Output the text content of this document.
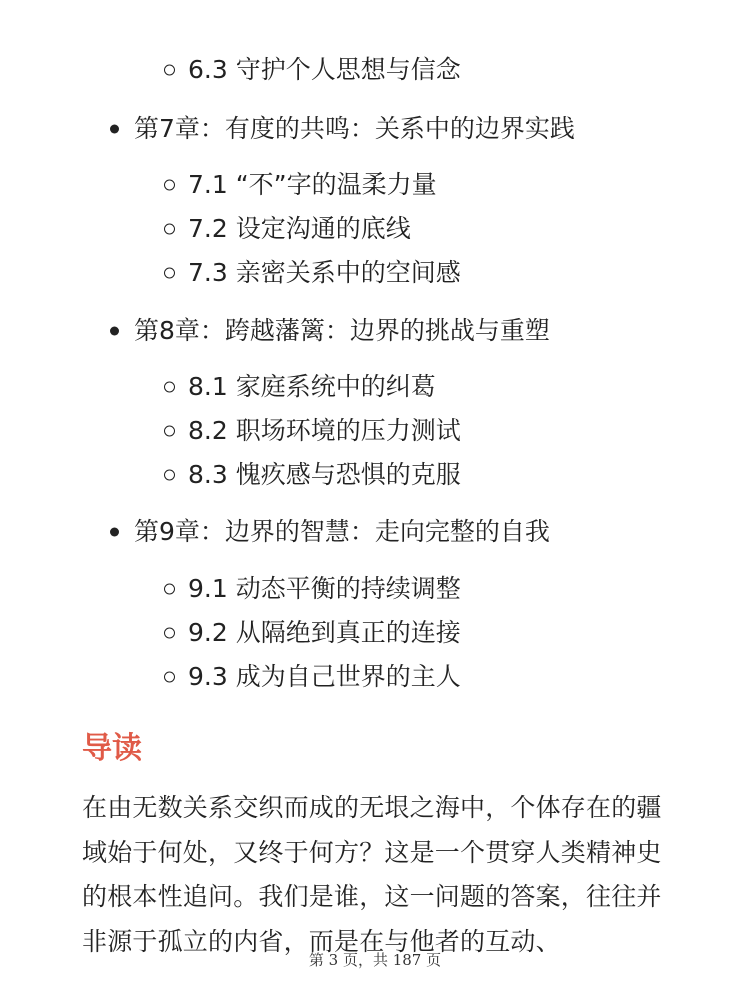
6.3 守护个人思想与信念
第7章：有度的共鸣：关系中的边界实践
7.1 “不”字的温柔力量
7.2 设定沟通的底线
7.3 亲密关系中的空间感
第8章：跨越藩篱：边界的挑战与重塑
8.1 家庭系统中的纠葛
8.2 职场环境的压力测试
8.3 愧疚感与恐惧的克服
第9章：边界的智慧：走向完整的自我
9.1 动态平衡的持续调整
9.2 从隔绝到真正的连接
9.3 成为自己世界的主人
导读

在由无数关系交织而成的无垠之海中，个体存在的疆域始于何处，又终于何方？这是一个贯穿人类精神史的根本性追问。我们是谁，这一问题的答案，往往并非源于孤立的内省，而是在与他者的互动、

第 3 页，共 187 页
